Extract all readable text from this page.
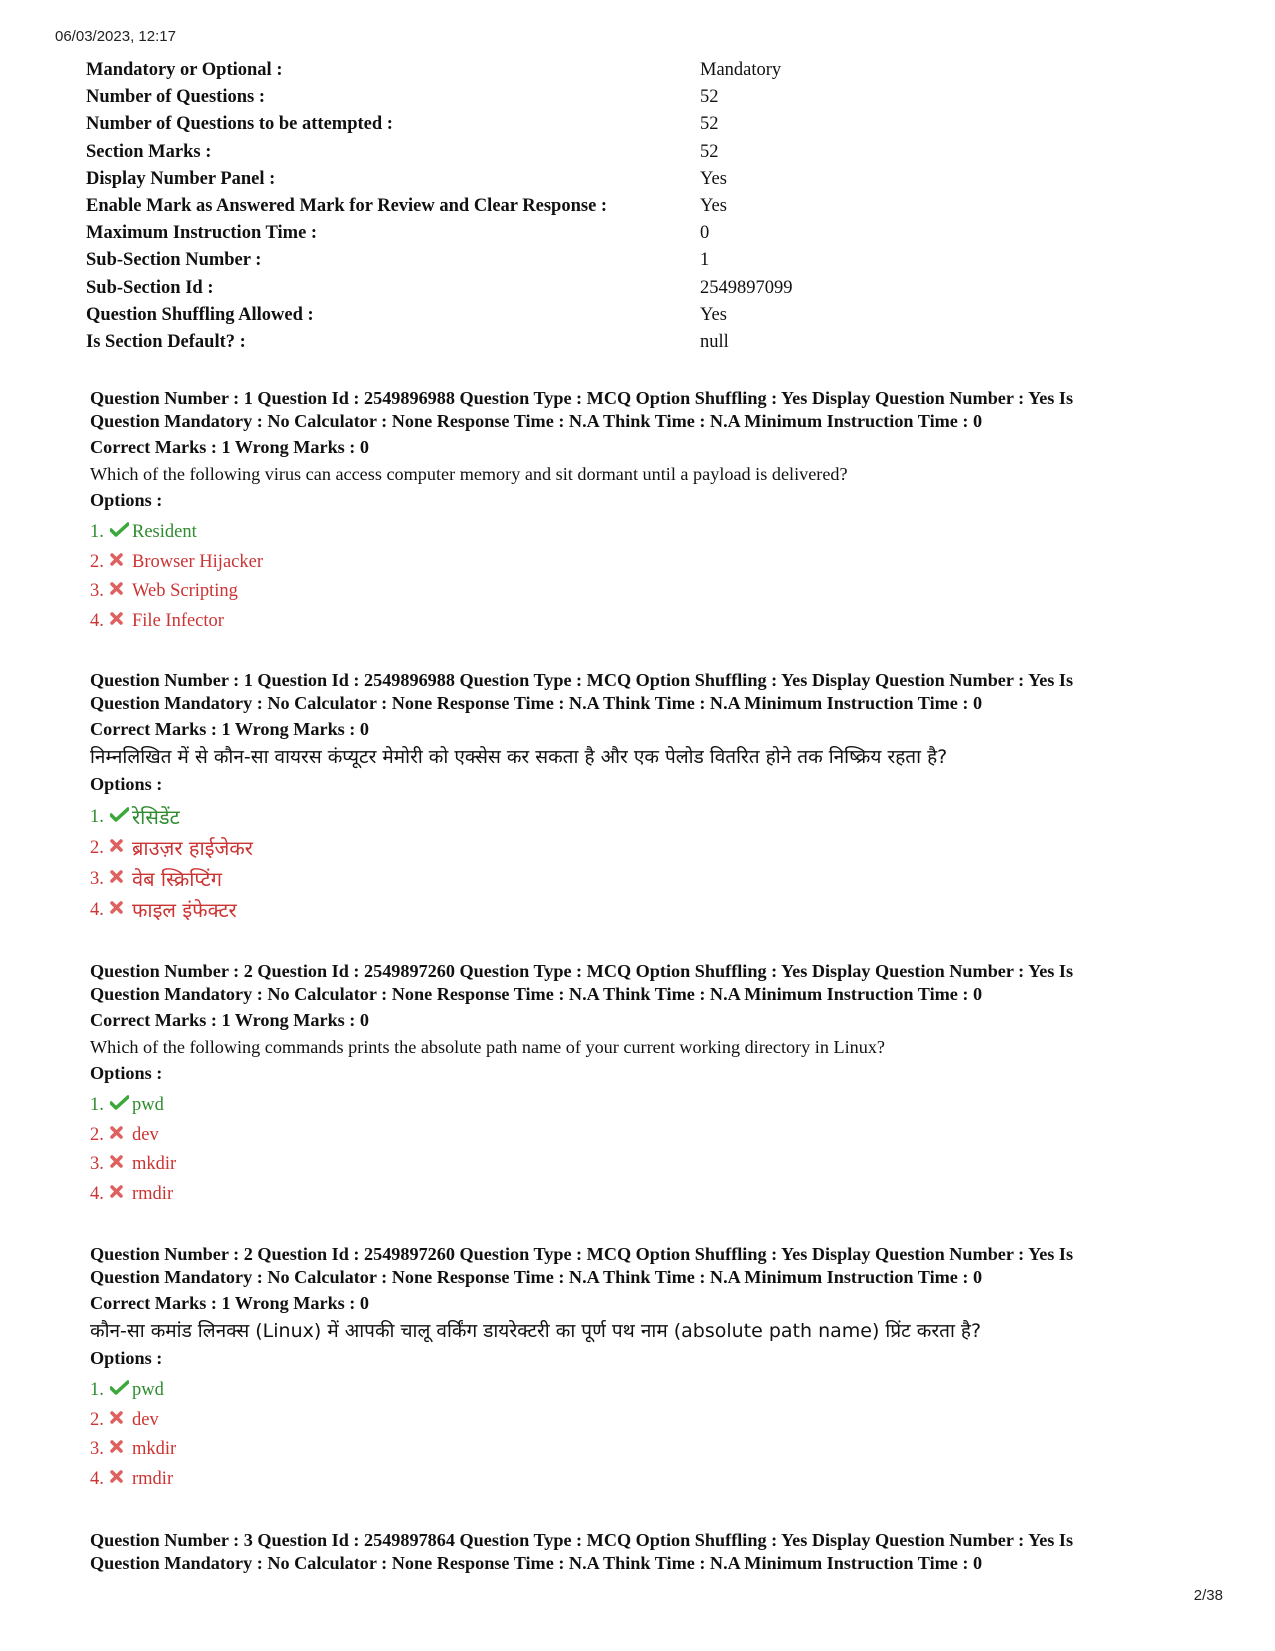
06/03/2023, 12:17
Mandatory or Optional :	Mandatory
Number of Questions :	52
Number of Questions to be attempted :	52
Section Marks :	52
Display Number Panel :	Yes
Enable Mark as Answered Mark for Review and Clear Response :	Yes
Maximum Instruction Time :	0
Sub-Section Number :	1
Sub-Section Id :	2549897099
Question Shuffling Allowed :	Yes
Is Section Default? :	null

Question Number : 1 Question Id : 2549896988 Question Type : MCQ Option Shuffling : Yes Display Question Number : Yes Is
Question Mandatory : No Calculator : None Response Time : N.A Think Time : N.A Minimum Instruction Time : 0

Correct Marks : 1 Wrong Marks : 0
Which of the following virus can access computer memory and sit dormant until a payload is delivered?
Options :
1.	Resident
2.	Browser Hijacker
3.	Web Scripting
4.	File Infector

Question Number : 1 Question Id : 2549896988 Question Type : MCQ Option Shuffling : Yes Display Question Number : Yes Is
Question Mandatory : No Calculator : None Response Time : N.A Think Time : N.A Minimum Instruction Time : 0

Correct Marks : 1 Wrong Marks : 0
निम्नलिखित में से कौन-सा वायरस कंप्यूटर मेमोरी को एक्सेस कर सकता है और एक पेलोड वितरित होने तक निष्क्रिय रहता है?
Options :
1.	रेसिडेंट
2.	ब्राउज़र हाईजेकर
3.	वेब स्क्रिप्टिंग
4.	फाइल इंफेक्टर

Question Number : 2 Question Id : 2549897260 Question Type : MCQ Option Shuffling : Yes Display Question Number : Yes Is
Question Mandatory : No Calculator : None Response Time : N.A Think Time : N.A Minimum Instruction Time : 0

Correct Marks : 1 Wrong Marks : 0
Which of the following commands prints the absolute path name of your current working directory in Linux?
Options :
1.	pwd
2.	dev
3.	mkdir
4.	rmdir

Question Number : 2 Question Id : 2549897260 Question Type : MCQ Option Shuffling : Yes Display Question Number : Yes Is
Question Mandatory : No Calculator : None Response Time : N.A Think Time : N.A Minimum Instruction Time : 0

Correct Marks : 1 Wrong Marks : 0
कौन-सा कमांड लिनक्स (Linux) में आपकी चालू वर्किंग डायरेक्टरी का पूर्ण पथ नाम (absolute path name) प्रिंट करता है?
Options :
1.	pwd
2.	dev
3.	mkdir
4.	rmdir

Question Number : 3 Question Id : 2549897864 Question Type : MCQ Option Shuffling : Yes Display Question Number : Yes Is
Question Mandatory : No Calculator : None Response Time : N.A Think Time : N.A Minimum Instruction Time : 0

2/38
